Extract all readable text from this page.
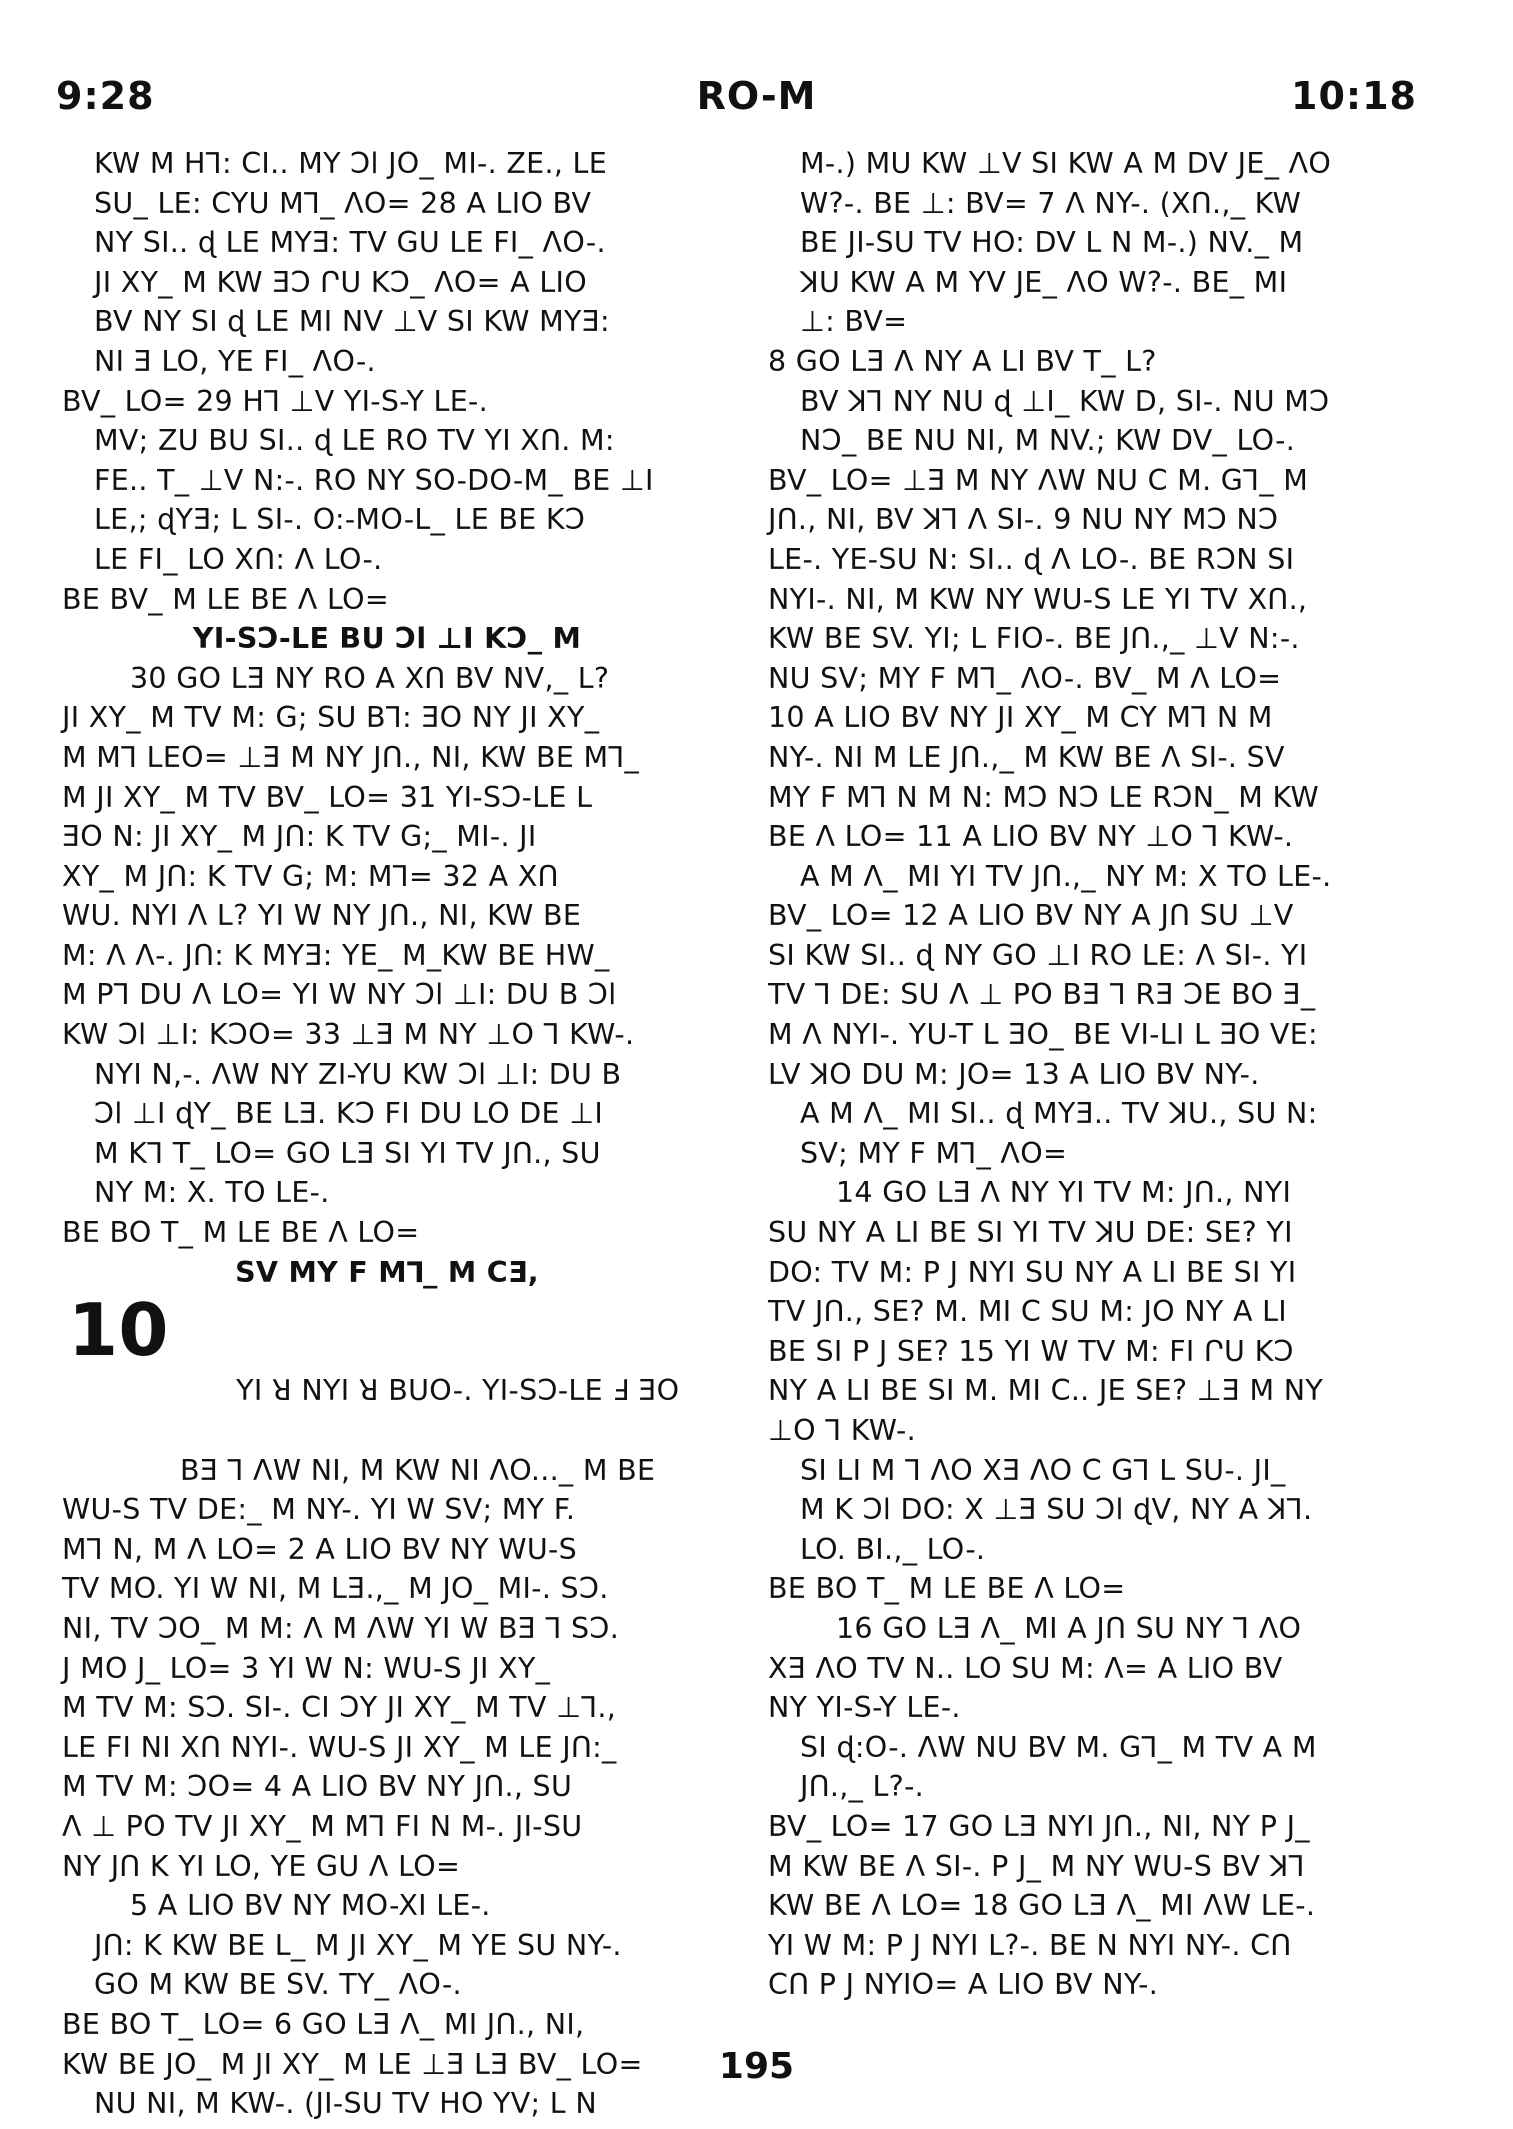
9:28	RO-M	10:18

KW M H⅂: CI.. MY Ɔl JO_ MI-. ZE., LE

SU_ LE: CYU M⅂_ ΛO= 28 A LIO BV

NY SI.. ɖ LE MYƎ: TV GU LE FI_ ΛO-.

JI XY_ M KW ƎƆ ՐU KƆ_ ΛO= A LIO

BV NY SI ɖ LE MI NV ⊥V SI KW MYƎ:

NI Ǝ LO, YE FI_ ΛO-.

BV_ LO= 29 H⅂ ⊥V YI-S-Y LE-.

MV; ZU BU SI.. ɖ LE RO TV YI XՈ. M:

FE.. T_ ⊥V N:-. RO NY SO-DO-M_ BE ⊥I

LE,; ɖYƎ; L SI-. O:-MO-L_ LE BE KƆ

LE FI_ LO XՈ: Λ LO-.

BE BV_ M LE BE Λ LO=

YI-SƆ-LE BU Ɔl ⊥I KƆ_ M

30 GO LƎ NY RO A XՈ BV NV,_ L?

JI XY_ M TV M: G; SU B⅂: ƎO NY JI XY_

M M⅂ LEO= ⊥Ǝ M NY JՈ., NI, KW BE M⅂_

M JI XY_ M TV BV_ LO= 31 YI-SƆ-LE L

ƎO N: JI XY_ M JՈ: K TV G;_ MI-. JI

XY_ M JՈ: K TV G; M: M⅂= 32 A XՈ

WU. NYI Λ L? YI W NY JՈ., NI, KW BE

M: Λ Λ-. JՈ: K MYƎ: YE_ M_KW BE HW_

M P⅂ DU Λ LO= YI W NY Ɔl ⊥I: DU B Ɔl

KW Ɔl ⊥I: KƆO= 33 ⊥Ǝ M NY ⊥O ⅂ KW-.

NYI N,-. ΛW NY ZI-YU KW Ɔl ⊥I: DU B

Ɔl ⊥I ɖY_ BE LƎ. KƆ FI DU LO DE ⊥I

M K⅂ T_ LO= GO LƎ SI YI TV JՈ., SU

NY M: X. TO LE-.

BE BO T_ M LE BE Λ LO=

SV MY F M⅂_ M CƎ,

10

YI ꓤ NYI ꓤ BUO-. YI-SƆ-LE Ⅎ ƎO

BƎ ⅂ ΛW NI, M KW NI ΛO..._ M BE

WU-S TV DE:_ M NY-. YI W SV; MY F.

M⅂ N, M Λ LO= 2 A LIO BV NY WU-S

TV MO. YI W NI, M LƎ.,_ M JO_ MI-. SƆ.

NI, TV ƆO_ M M: Λ M ΛW YI W BƎ ⅂ SƆ.

J MO J_ LO= 3 YI W N: WU-S JI XY_

M TV M: SƆ. SI-. CI ƆY JI XY_ M TV ⊥⅂.,

LE FI NI XՈ NYI-. WU-S JI XY_ M LE JՈ:_

M TV M: ƆO= 4 A LIO BV NY JՈ., SU

Λ ⊥ PO TV JI XY_ M M⅂ FI N M-. JI-SU

NY JՈ K YI LO, YE GU Λ LO=

5 A LIO BV NY MO-XI LE-.

JՈ: K KW BE L_ M JI XY_ M YE SU NY-.

GO M KW BE SV. TY_ ΛO-.

BE BO T_ LO= 6 GO LƎ Λ_ MI JՈ., NI,

KW BE JO_ M JI XY_ M LE ⊥Ǝ LƎ BV_ LO=

NU NI, M KW-. (JI-SU TV HO YV; L N

M-.) MU KW ⊥V SI KW A M DV JE_ ΛO

W?-. BE ⊥: BV= 7 Λ NY-. (XՈ.,_ KW

BE JI-SU TV HO: DV L N M-.) NV._ M

ꓘU KW A M YV JE_ ΛO W?-. BE_ MI

⊥: BV=

8 GO LƎ Λ NY A LI BV T_ L?

BV ꓘ⅂ NY NU ɖ ⊥I_ KW D, SI-. NU MƆ

NƆ_ BE NU NI, M NV.; KW DV_ LO-.

BV_ LO= ⊥Ǝ M NY ΛW NU C M. G⅂_ M

JՈ., NI, BV ꓘ⅂ Λ SI-. 9 NU NY MƆ NƆ

LE-. YE-SU N: SI.. ɖ Λ LO-. BE RƆN SI

NYI-. NI, M KW NY WU-S LE YI TV XՈ.,

KW BE SV. YI; L FIO-. BE JՈ.,_ ⊥V N:-.

NU SV; MY F M⅂_ ΛO-. BV_ M Λ LO=

10 A LIO BV NY JI XY_ M CY M⅂ N M

NY-. NI M LE JՈ.,_ M KW BE Λ SI-. SV

MY F M⅂ N M N: MƆ NƆ LE RƆN_ M KW

BE Λ LO= 11 A LIO BV NY ⊥O ⅂ KW-.

A M Λ_ MI YI TV JՈ.,_ NY M: X TO LE-.

BV_ LO= 12 A LIO BV NY A JՈ SU ⊥V

SI KW SI.. ɖ NY GO ⊥I RO LE: Λ SI-. YI

TV ⅂ DE: SU Λ ⊥ PO BƎ ⅂ RƎ ƆE BO Ǝ_

M Λ NYI-. YU-T L ƎO_ BE VI-LI L ƎO VE:

LV ꓘO DU M: JO= 13 A LIO BV NY-.

A M Λ_ MI SI.. ɖ MYƎ.. TV ꓘU., SU N:

SV; MY F M⅂_ ΛO=

14 GO LƎ Λ NY YI TV M: JՈ., NYI

SU NY A LI BE SI YI TV ꓘU DE: SE? YI

DO: TV M: P J NYI SU NY A LI BE SI YI

TV JՈ., SE? M. MI C SU M: JO NY A LI

BE SI P J SE? 15 YI W TV M: FI ՐU KƆ

NY A LI BE SI M. MI C.. JE SE? ⊥Ǝ M NY

⊥O ⅂ KW-.

SI LI M ⅂ ΛO XƎ ΛO C G⅂ L SU-. JI_

M K Ɔl DO: X ⊥Ǝ SU Ɔl ɖV, NY A ꓘ⅂.

LO. BI.,_ LO-.

BE BO T_ M LE BE Λ LO=

16 GO LƎ Λ_ MI A JՈ SU NY ⅂ ΛO

XƎ ΛO TV N.. LO SU M: Λ= A LIO BV

NY YI-S-Y LE-.

SI ɖ:O-. ΛW NU BV M. G⅂_ M TV A M

JՈ.,_ L?-.

BV_ LO= 17 GO LƎ NYI JՈ., NI, NY P J_

M KW BE Λ SI-. P J_ M NY WU-S BV ꓘ⅂

KW BE Λ LO= 18 GO LƎ Λ_ MI ΛW LE-.

YI W M: P J NYI L?-. BE N NYI NY-. CՈ

CՈ P J NYIO= A LIO BV NY-.

195
